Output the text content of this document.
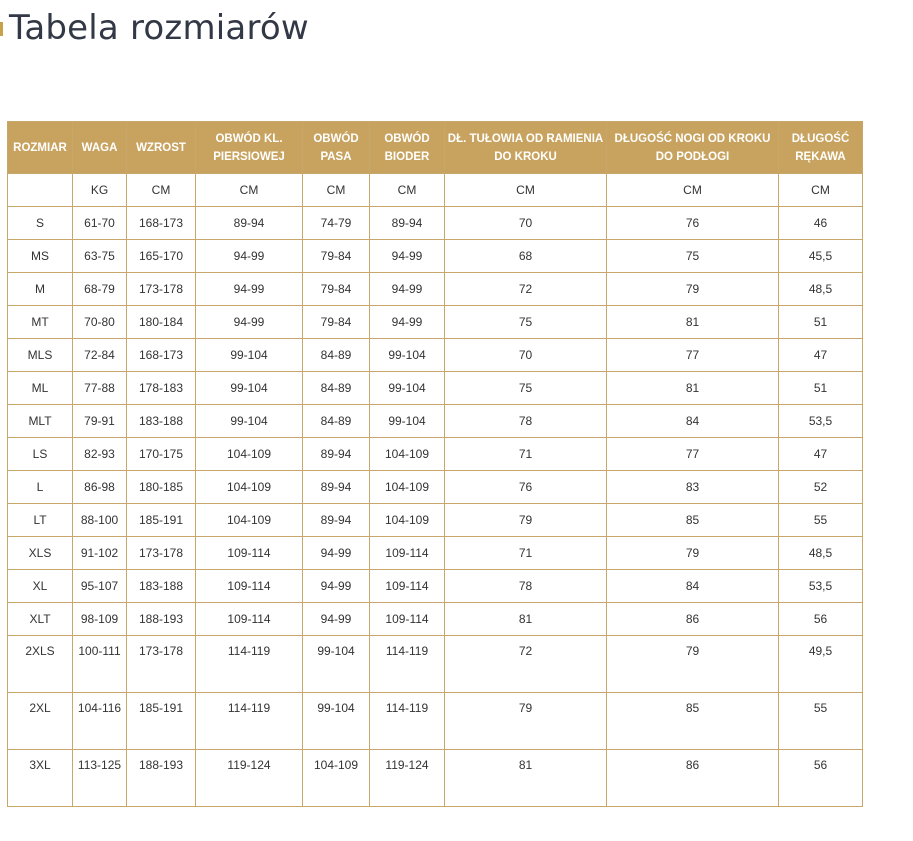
Tabela rozmiarów
ROZMIAR	WAGA	WZROST	OBWÓD KL. PIERSIOWEJ	OBWÓD PASA	OBWÓD BIODER	DŁ. TUŁOWIA OD RAMIENIA DO KROKU	DŁUGOŚĆ NOGI OD KROKU DO PODŁOGI	DŁUGOŚĆ RĘKAWA
	KG	CM	CM	CM	CM	CM	CM	CM
S	61-70	168-173	89-94	74-79	89-94	70	76	46
MS	63-75	165-170	94-99	79-84	94-99	68	75	45,5
M	68-79	173-178	94-99	79-84	94-99	72	79	48,5
MT	70-80	180-184	94-99	79-84	94-99	75	81	51
MLS	72-84	168-173	99-104	84-89	99-104	70	77	47
ML	77-88	178-183	99-104	84-89	99-104	75	81	51
MLT	79-91	183-188	99-104	84-89	99-104	78	84	53,5
LS	82-93	170-175	104-109	89-94	104-109	71	77	47
L	86-98	180-185	104-109	89-94	104-109	76	83	52
LT	88-100	185-191	104-109	89-94	104-109	79	85	55
XLS	91-102	173-178	109-114	94-99	109-114	71	79	48,5
XL	95-107	183-188	109-114	94-99	109-114	78	84	53,5
XLT	98-109	188-193	109-114	94-99	109-114	81	86	56
2XLS	100-111	173-178	114-119	99-104	114-119	72	79	49,5
2XL	104-116	185-191	114-119	99-104	114-119	79	85	55
3XL	113-125	188-193	119-124	104-109	119-124	81	86	56
